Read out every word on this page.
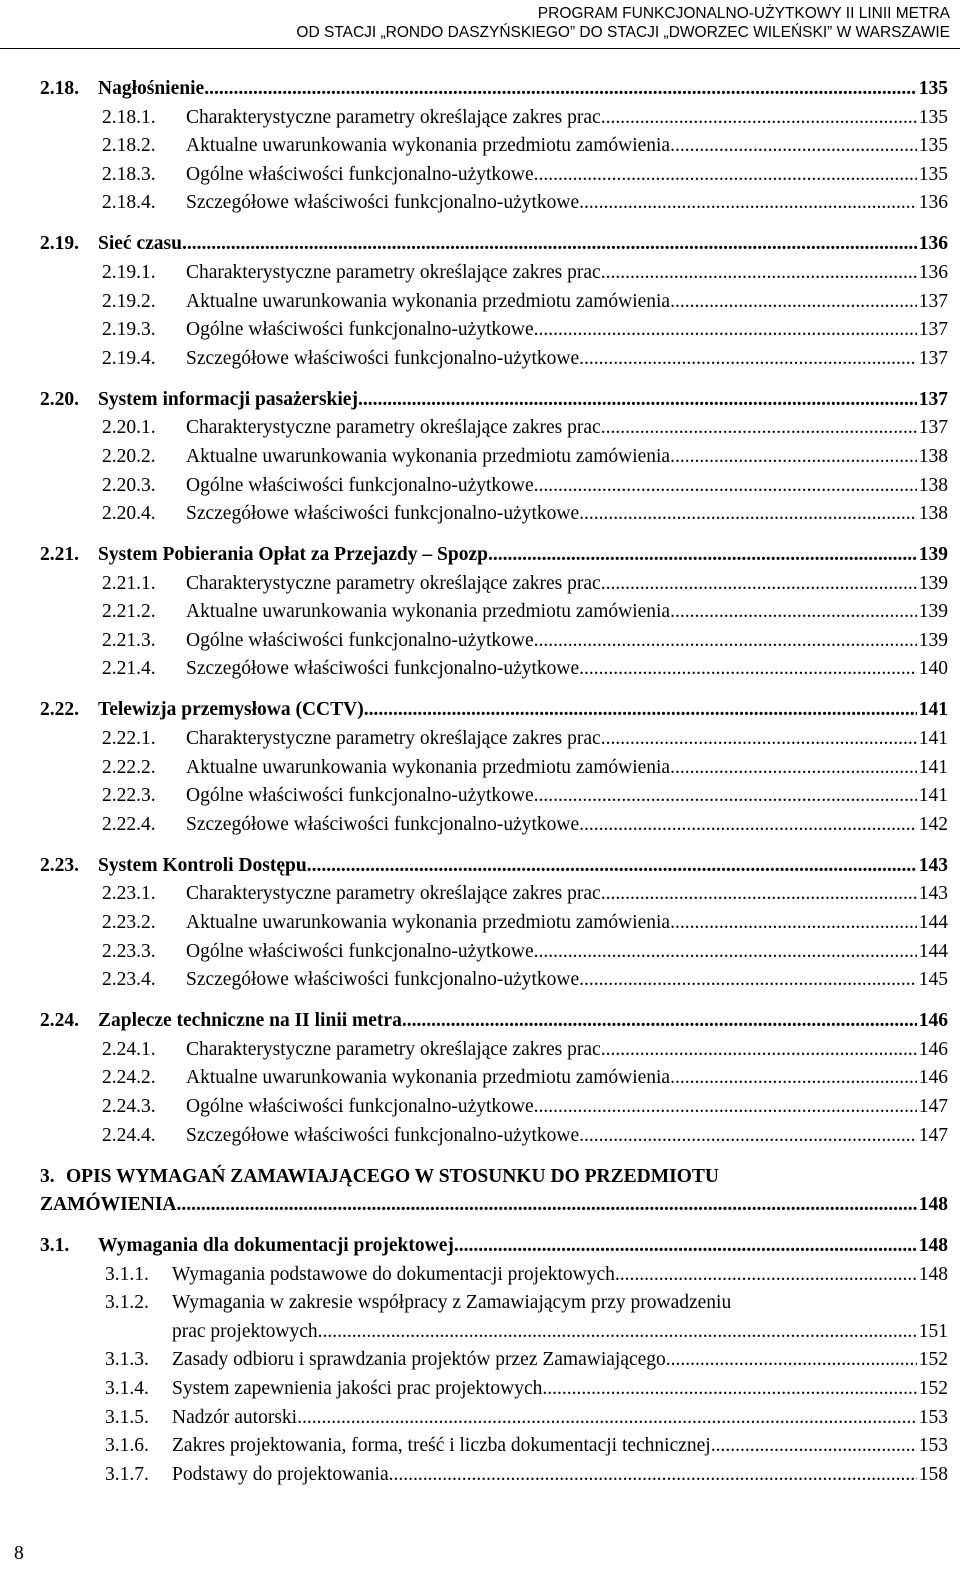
PROGRAM FUNKCJONALNO-UŻYTKOWY II LINII METRA
OD STACJI „RONDO DASZYŃSKIEGO” DO STACJI „DWORZEC WILEŃSKI” W WARSZAWIE
2.18. Nagłośnienie .....	135
2.18.1.	Charakterystyczne parametry określające zakres prac .....	135
2.18.2.	Aktualne uwarunkowania wykonania przedmiotu zamówienia .....	135
2.18.3.	Ogólne właściwości funkcjonalno-użytkowe .....	135
2.18.4.	Szczegółowe właściwości funkcjonalno-użytkowe .....	136
2.19. Sieć czasu .....	136
2.19.1.	Charakterystyczne parametry określające zakres prac .....	136
2.19.2.	Aktualne uwarunkowania wykonania przedmiotu zamówienia .....	137
2.19.3.	Ogólne właściwości funkcjonalno-użytkowe .....	137
2.19.4.	Szczegółowe właściwości funkcjonalno-użytkowe .....	137
2.20. System informacji pasażerskiej .....	137
2.20.1.	Charakterystyczne parametry określające zakres prac .....	137
2.20.2.	Aktualne uwarunkowania wykonania przedmiotu zamówienia .....	138
2.20.3.	Ogólne właściwości funkcjonalno-użytkowe .....	138
2.20.4.	Szczegółowe właściwości funkcjonalno-użytkowe .....	138
2.21. System Pobierania Opłat za Przejazdy – Spozp .....	139
2.21.1.	Charakterystyczne parametry określające zakres prac .....	139
2.21.2.	Aktualne uwarunkowania wykonania przedmiotu zamówienia .....	139
2.21.3.	Ogólne właściwości funkcjonalno-użytkowe .....	139
2.21.4.	Szczegółowe właściwości funkcjonalno-użytkowe .....	140
2.22. Telewizja przemysłowa (CCTV) .....	141
2.22.1.	Charakterystyczne parametry określające zakres prac .....	141
2.22.2.	Aktualne uwarunkowania wykonania przedmiotu zamówienia .....	141
2.22.3.	Ogólne właściwości funkcjonalno-użytkowe .....	141
2.22.4.	Szczegółowe właściwości funkcjonalno-użytkowe .....	142
2.23. System Kontroli Dostępu .....	143
2.23.1.	Charakterystyczne parametry określające zakres prac .....	143
2.23.2.	Aktualne uwarunkowania wykonania przedmiotu zamówienia .....	144
2.23.3.	Ogólne właściwości funkcjonalno-użytkowe .....	144
2.23.4.	Szczegółowe właściwości funkcjonalno-użytkowe .....	145
2.24. Zaplecze techniczne na II linii metra .....	146
2.24.1.	Charakterystyczne parametry określające zakres prac .....	146
2.24.2.	Aktualne uwarunkowania wykonania przedmiotu zamówienia .....	146
2.24.3.	Ogólne właściwości funkcjonalno-użytkowe .....	147
2.24.4.	Szczegółowe właściwości funkcjonalno-użytkowe .....	147
3. OPIS WYMAGAŃ ZAMAWIAJĄCEGO W STOSUNKU DO PRZEDMIOTU
ZAMÓWIENIA .....	148
3.1.	Wymagania dla dokumentacji projektowej .....	148
3.1.1.	Wymagania podstawowe do dokumentacji projektowych .....	148
3.1.2. Wymagania w zakresie współpracy z Zamawiającym przy prowadzeniu
prac projektowych .....	151
3.1.3.	Zasady odbioru i sprawdzania projektów przez Zamawiającego .....	152
3.1.4.	System zapewnienia jakości prac projektowych .....	152
3.1.5.	Nadzór autorski .....	153
3.1.6.	Zakres projektowania, forma, treść i liczba dokumentacji technicznej .....	153
3.1.7.	Podstawy do projektowania .....	158
8
